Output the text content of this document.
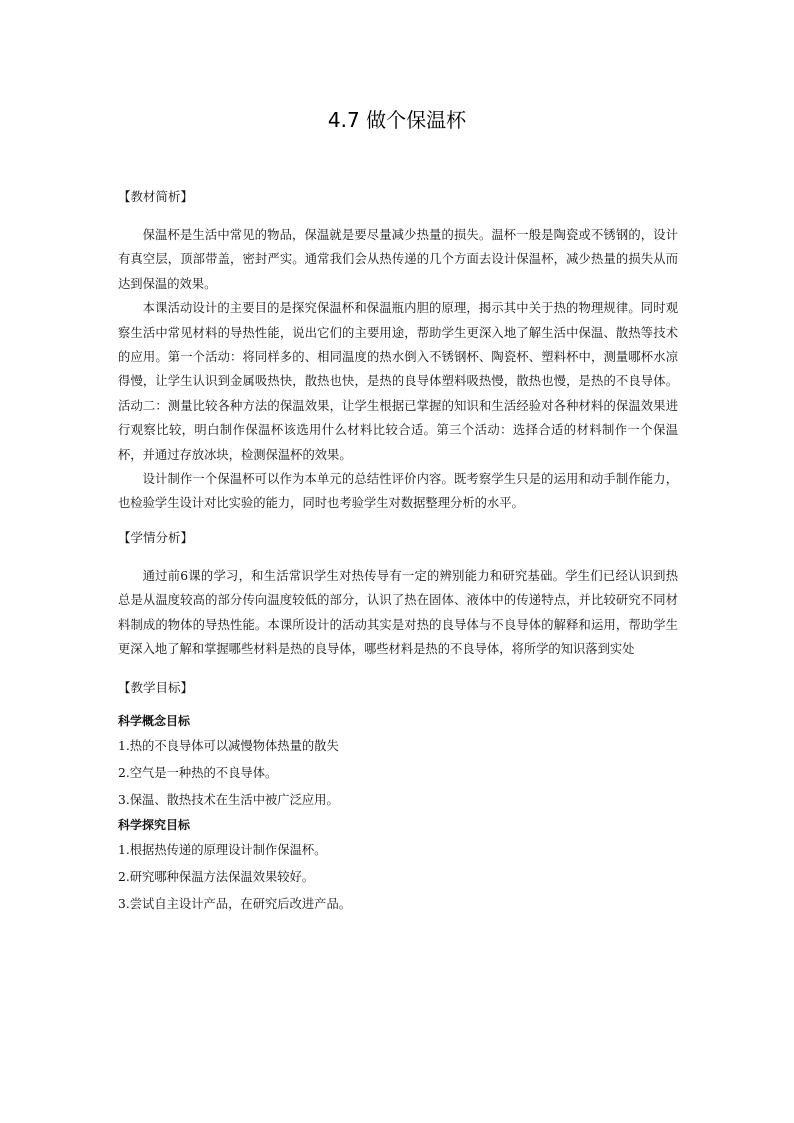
4.7 做个保温杯

【教材简析】

保温杯是生活中常见的物品，保温就是要尽量减少热量的损失。温杯一般是陶瓷或不锈钢的，设计有真空层，顶部带盖，密封严实。通常我们会从热传递的几个方面去设计保温杯，减少热量的损失从而达到保温的效果。

本课活动设计的主要目的是探究保温杯和保温瓶内胆的原理，揭示其中关于热的物理规律。同时观察生活中常见材料的导热性能，说出它们的主要用途，帮助学生更深入地了解生活中保温、散热等技术的应用。第一个活动：将同样多的、相同温度的热水倒入不锈钢杯、陶瓷杯、塑料杯中，测量哪杯水凉得慢，让学生认识到金属吸热快，散热也快，是热的良导体塑料吸热慢，散热也慢，是热的不良导体。活动二：测量比较各种方法的保温效果，让学生根据已掌握的知识和生活经验对各种材料的保温效果进行观察比较，明白制作保温杯该选用什么材料比较合适。第三个活动：选择合适的材料制作一个保温杯，并通过存放冰块，检测保温杯的效果。

设计制作一个保温杯可以作为本单元的总结性评价内容。既考察学生只是的运用和动手制作能力，也检验学生设计对比实验的能力，同时也考验学生对数据整理分析的水平。

【学情分析】

通过前6课的学习，和生活常识学生对热传导有一定的辨别能力和研究基础。学生们已经认识到热总是从温度较高的部分传向温度较低的部分，认识了热在固体、液体中的传递特点，并比较研究不同材料制成的物体的导热性能。本课所设计的活动其实是对热的良导体与不良导体的解释和运用，帮助学生更深入地了解和掌握哪些材料是热的良导体，哪些材料是热的不良导体，将所学的知识落到实处

【教学目标】

科学概念目标

1.热的不良导体可以减慢物体热量的散失

2.空气是一种热的不良导体。

3.保温、散热技术在生活中被广泛应用。

科学探究目标

1.根据热传递的原理设计制作保温杯。

2.研究哪种保温方法保温效果较好。

3.尝试自主设计产品，在研究后改进产品。
